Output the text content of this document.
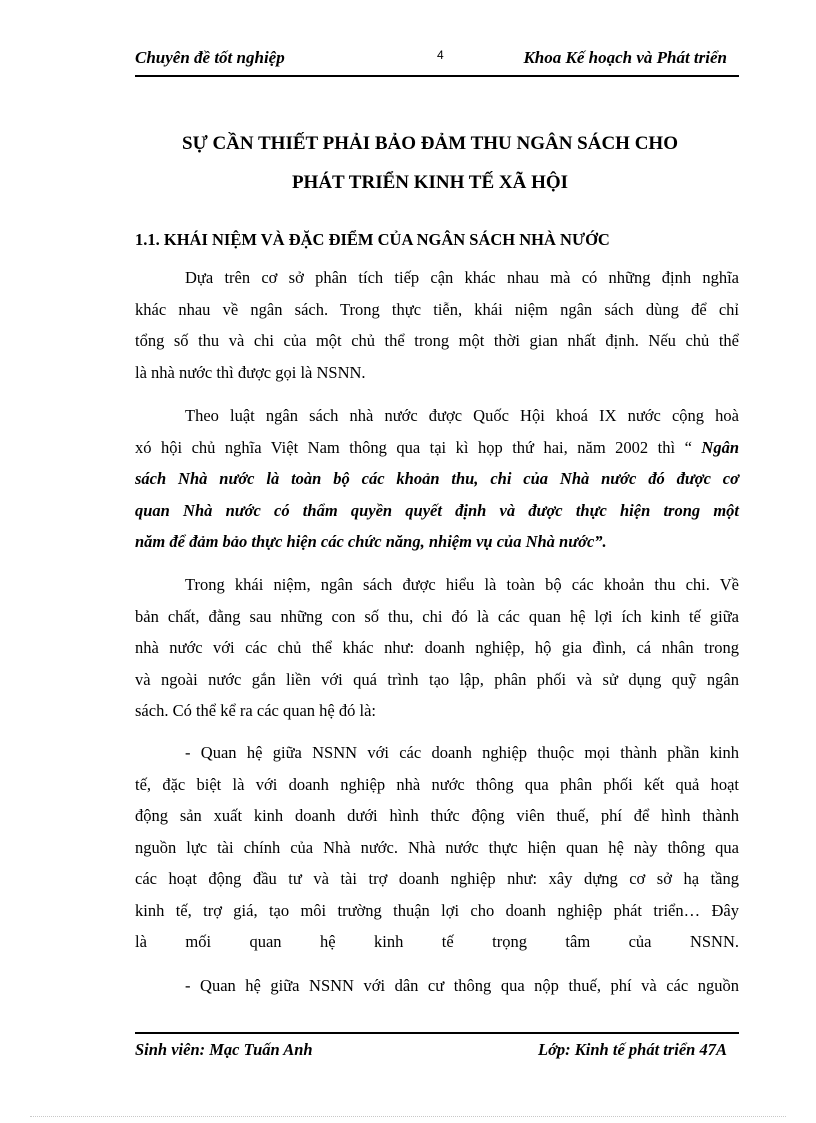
Chuyên đề tốt nghiệp	4	Khoa Kế hoạch và Phát triển
SỰ CẦN THIẾT PHẢI BẢO ĐẢM THU NGÂN SÁCH CHO
PHÁT TRIỂN KINH TẾ XÃ HỘI
1.1. KHÁI NIỆM VÀ ĐẶC ĐIỂM CỦA NGÂN SÁCH NHÀ NƯỚC
Dựa trên cơ sở phân tích tiếp cận khác nhau mà có những định nghĩa
khác nhau về ngân sách. Trong thực tiễn, khái niệm ngân sách dùng để chỉ
tổng số thu và chi của một chủ thể trong một thời gian nhất định. Nếu chủ thể
là nhà nước thì được gọi là NSNN.
Theo luật ngân sách nhà nước được Quốc Hội khoá IX nước cộng hoà
xó hội chủ nghĩa Việt Nam thông qua tại kì họp thứ hai, năm 2002 thì “ Ngân
sách Nhà nước là toàn bộ các khoản thu, chi của Nhà nước đó được cơ
quan Nhà nước có thẩm quyền quyết định và được thực hiện trong một
năm để đảm bảo thực hiện các chức năng, nhiệm vụ của Nhà nước”.
Trong khái niệm, ngân sách được hiểu là toàn bộ các khoản thu chi. Về
bản chất, đằng sau những con số thu, chi đó là các quan hệ lợi ích kinh tế giữa
nhà nước với các chủ thể khác như: doanh nghiệp, hộ gia đình, cá nhân trong
và ngoài nước gắn liền với quá trình tạo lập, phân phối và sử dụng quỹ ngân
sách. Có thể kể ra các quan hệ đó là:
- Quan hệ giữa NSNN với các doanh nghiệp thuộc mọi thành phần kinh
tế, đặc biệt là với doanh nghiệp nhà nước thông qua phân phối kết quả hoạt
động sản xuất kinh doanh dưới hình thức động viên thuế, phí để hình thành
nguồn lực tài chính của Nhà nước. Nhà nước thực hiện quan hệ này thông qua
các hoạt động đầu tư và tài trợ doanh nghiệp như: xây dựng cơ sở hạ tầng
kinh tế, trợ giá, tạo môi trường thuận lợi cho doanh nghiệp phát triển… Đây
là mối quan hệ kinh tế trọng tâm của NSNN.
- Quan hệ giữa NSNN với dân cư thông qua nộp thuế, phí và các nguồn
Sinh viên: Mạc Tuấn Anh	Lớp: Kinh tế phát triển 47A
